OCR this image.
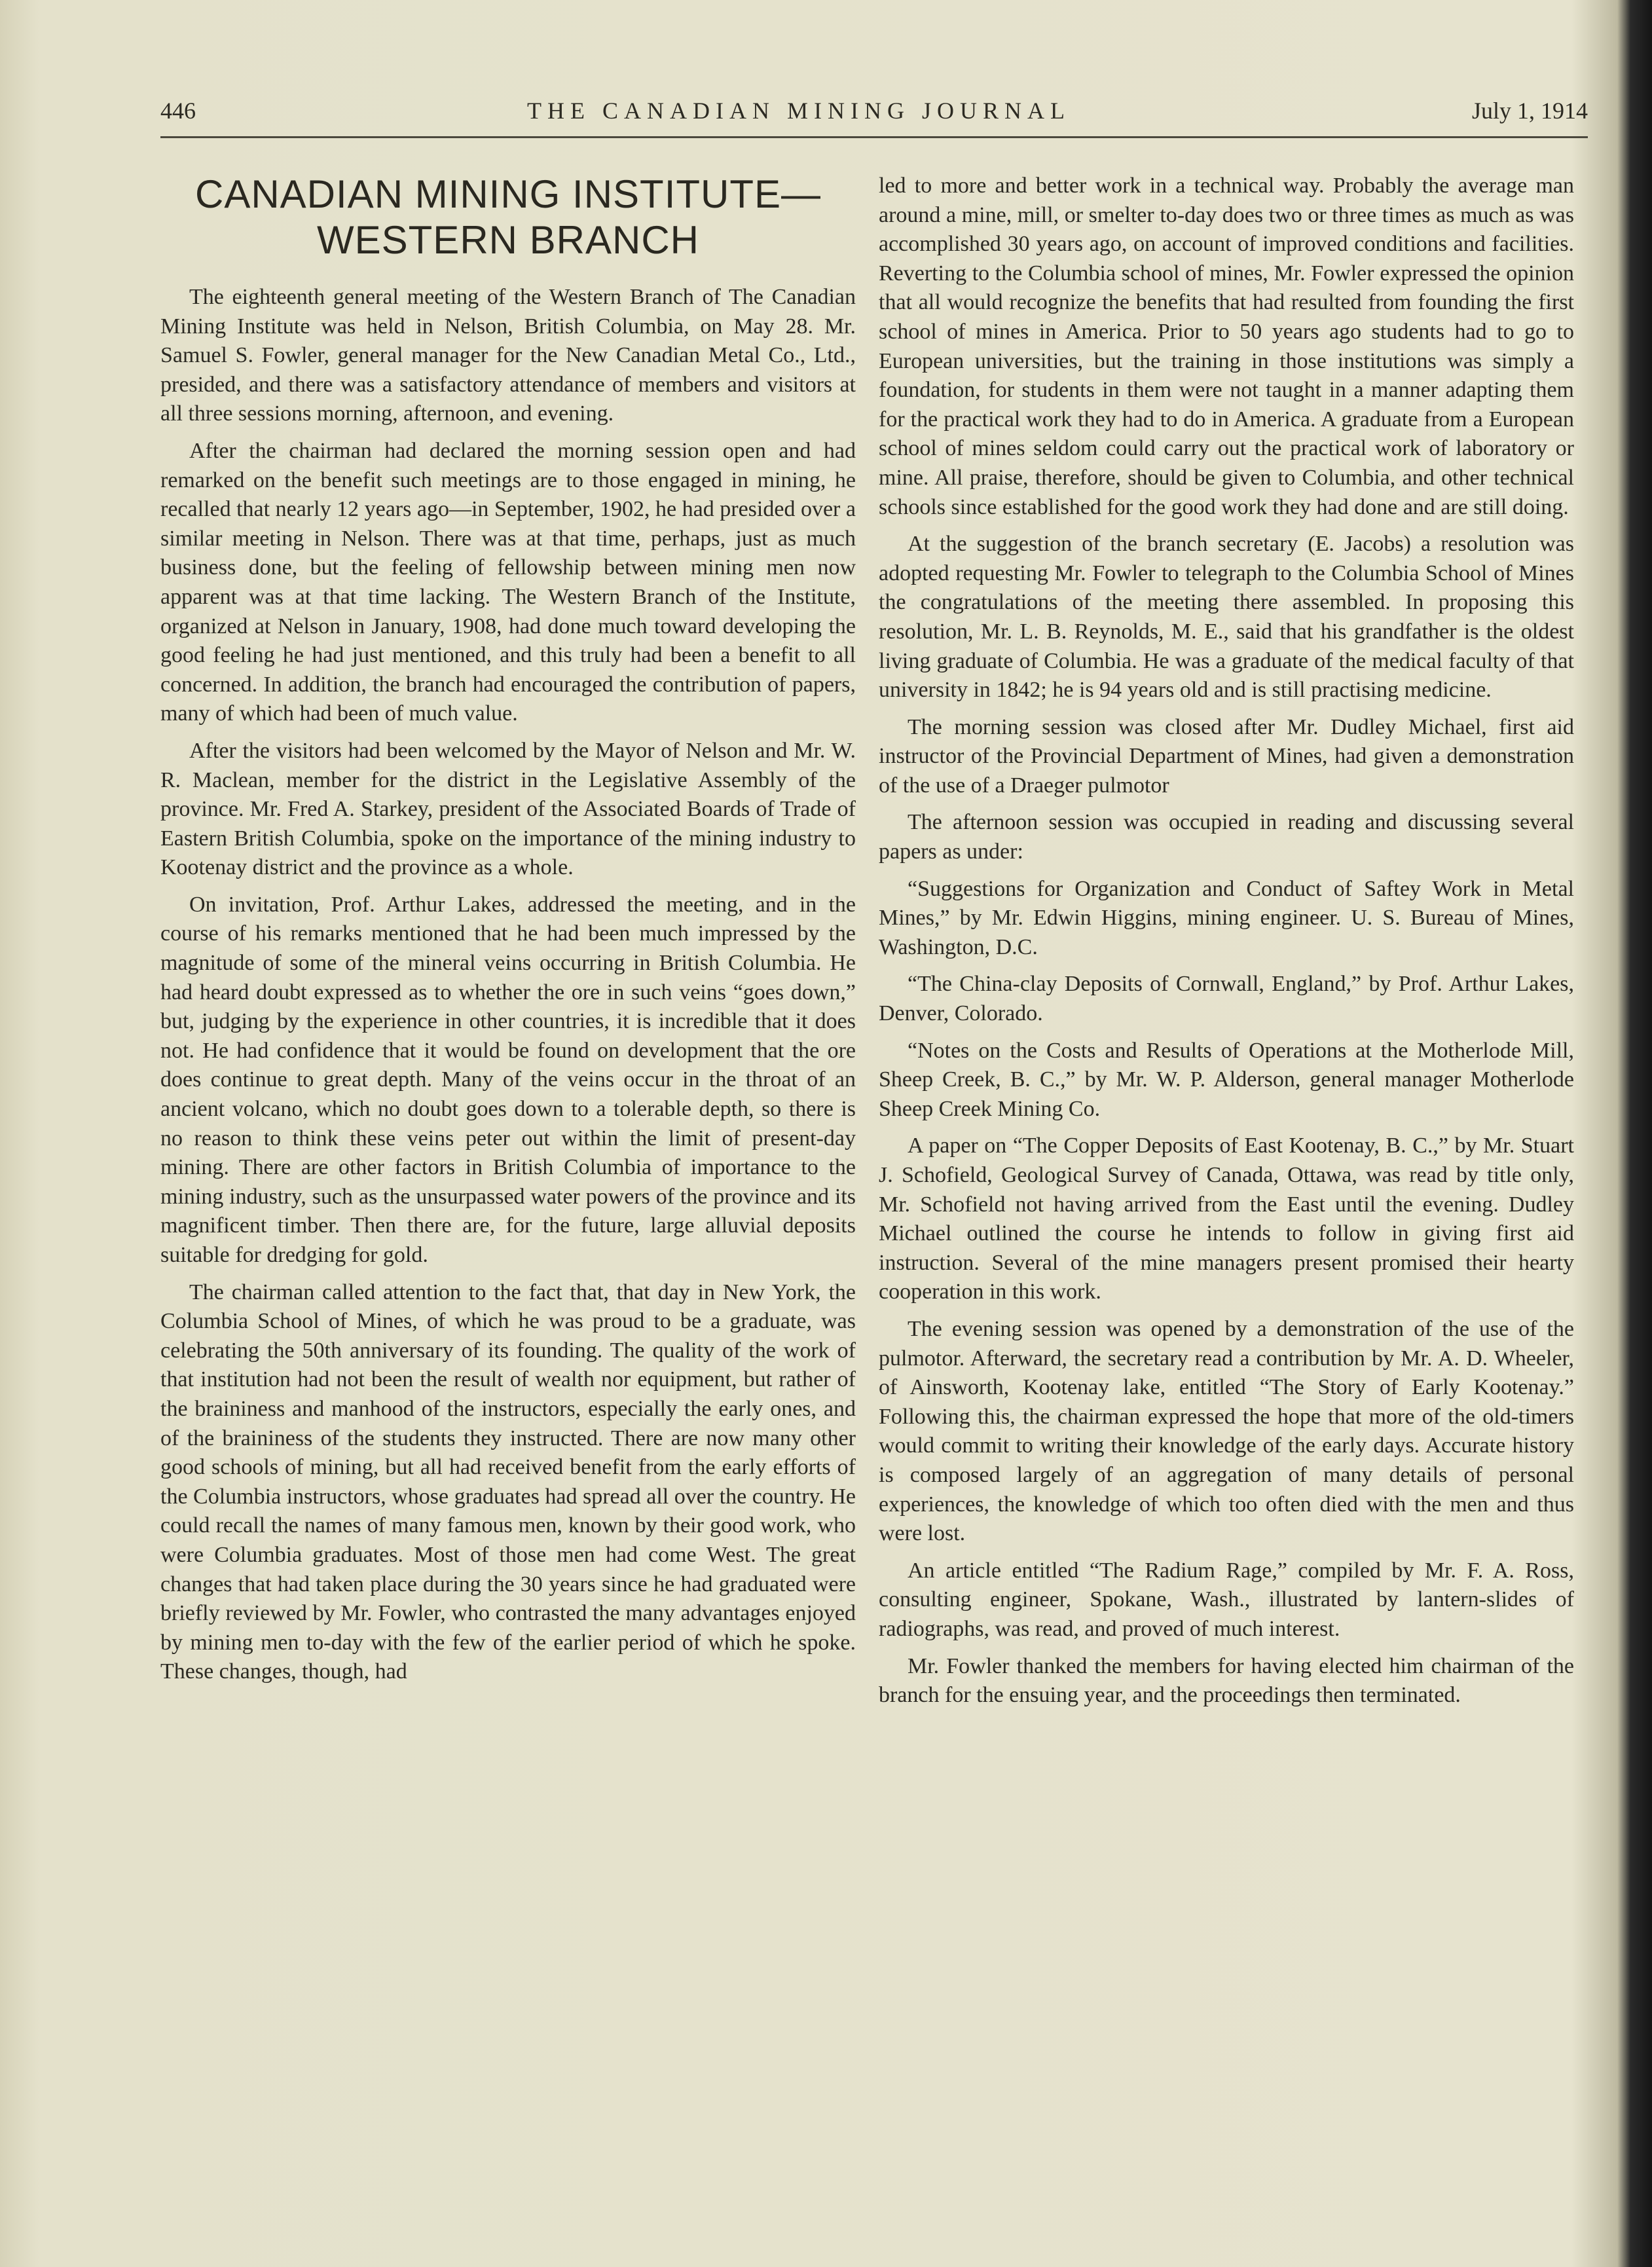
446	THE CANADIAN MINING JOURNAL	July 1, 1914
CANADIAN MINING INSTITUTE—
WESTERN BRANCH

The eighteenth general meeting of the Western Branch of The Canadian Mining Institute was held in Nelson, British Columbia, on May 28. Mr. Samuel S. Fowler, general manager for the New Canadian Metal Co., Ltd., presided, and there was a satisfactory attendance of members and visitors at all three sessions morning, afternoon, and evening.

After the chairman had declared the morning session open and had remarked on the benefit such meetings are to those engaged in mining, he recalled that nearly 12 years ago—in September, 1902, he had presided over a similar meeting in Nelson. There was at that time, perhaps, just as much business done, but the feeling of fellowship between mining men now apparent was at that time lacking. The Western Branch of the Institute, organized at Nelson in January, 1908, had done much toward developing the good feeling he had just mentioned, and this truly had been a benefit to all concerned. In addition, the branch had encouraged the contribution of papers, many of which had been of much value.

After the visitors had been welcomed by the Mayor of Nelson and Mr. W. R. Maclean, member for the district in the Legislative Assembly of the province. Mr. Fred A. Starkey, president of the Associated Boards of Trade of Eastern British Columbia, spoke on the importance of the mining industry to Kootenay district and the province as a whole.

On invitation, Prof. Arthur Lakes, addressed the meeting, and in the course of his remarks mentioned that he had been much impressed by the magnitude of some of the mineral veins occurring in British Columbia. He had heard doubt expressed as to whether the ore in such veins “goes down,” but, judging by the experience in other countries, it is incredible that it does not. He had confidence that it would be found on development that the ore does continue to great depth. Many of the veins occur in the throat of an ancient volcano, which no doubt goes down to a tolerable depth, so there is no reason to think these veins peter out within the limit of present-day mining. There are other factors in British Columbia of importance to the mining industry, such as the unsurpassed water powers of the province and its magnificent timber. Then there are, for the future, large alluvial deposits suitable for dredging for gold.

The chairman called attention to the fact that, that day in New York, the Columbia School of Mines, of which he was proud to be a graduate, was celebrating the 50th anniversary of its founding. The quality of the work of that institution had not been the result of wealth nor equipment, but rather of the braininess and manhood of the instructors, especially the early ones, and of the braininess of the students they instructed. There are now many other good schools of mining, but all had received benefit from the early efforts of the Columbia instructors, whose graduates had spread all over the country. He could recall the names of many famous men, known by their good work, who were Columbia graduates. Most of those men had come West. The great changes that had taken place during the 30 years since he had graduated were briefly reviewed by Mr. Fowler, who contrasted the many advantages enjoyed by mining men to-day with the few of the earlier period of which he spoke. These changes, though, had

led to more and better work in a technical way. Probably the average man around a mine, mill, or smelter to-day does two or three times as much as was accomplished 30 years ago, on account of improved conditions and facilities. Reverting to the Columbia school of mines, Mr. Fowler expressed the opinion that all would recognize the benefits that had resulted from founding the first school of mines in America. Prior to 50 years ago students had to go to European universities, but the training in those institutions was simply a foundation, for students in them were not taught in a manner adapting them for the practical work they had to do in America. A graduate from a European school of mines seldom could carry out the practical work of laboratory or mine. All praise, therefore, should be given to Columbia, and other technical schools since established for the good work they had done and are still doing.

At the suggestion of the branch secretary (E. Jacobs) a resolution was adopted requesting Mr. Fowler to telegraph to the Columbia School of Mines the congratulations of the meeting there assembled. In proposing this resolution, Mr. L. B. Reynolds, M. E., said that his grandfather is the oldest living graduate of Columbia. He was a graduate of the medical faculty of that university in 1842; he is 94 years old and is still practising medicine.

The morning session was closed after Mr. Dudley Michael, first aid instructor of the Provincial Department of Mines, had given a demonstration of the use of a Draeger pulmotor

The afternoon session was occupied in reading and discussing several papers as under:

“Suggestions for Organization and Conduct of Saftey Work in Metal Mines,” by Mr. Edwin Higgins, mining engineer. U. S. Bureau of Mines, Washington, D.C.

“The China-clay Deposits of Cornwall, England,” by Prof. Arthur Lakes, Denver, Colorado.

“Notes on the Costs and Results of Operations at the Motherlode Mill, Sheep Creek, B. C.,” by Mr. W. P. Alderson, general manager Motherlode Sheep Creek Mining Co.

A paper on “The Copper Deposits of East Kootenay, B. C.,” by Mr. Stuart J. Schofield, Geological Survey of Canada, Ottawa, was read by title only, Mr. Schofield not having arrived from the East until the evening. Dudley Michael outlined the course he intends to follow in giving first aid instruction. Several of the mine managers present promised their hearty cooperation in this work.

The evening session was opened by a demonstration of the use of the pulmotor. Afterward, the secretary read a contribution by Mr. A. D. Wheeler, of Ainsworth, Kootenay lake, entitled “The Story of Early Kootenay.” Following this, the chairman expressed the hope that more of the old-timers would commit to writing their knowledge of the early days. Accurate history is composed largely of an aggregation of many details of personal experiences, the knowledge of which too often died with the men and thus were lost.

An article entitled “The Radium Rage,” compiled by Mr. F. A. Ross, consulting engineer, Spokane, Wash., illustrated by lantern-slides of radiographs, was read, and proved of much interest.

Mr. Fowler thanked the members for having elected him chairman of the branch for the ensuing year, and the proceedings then terminated.
